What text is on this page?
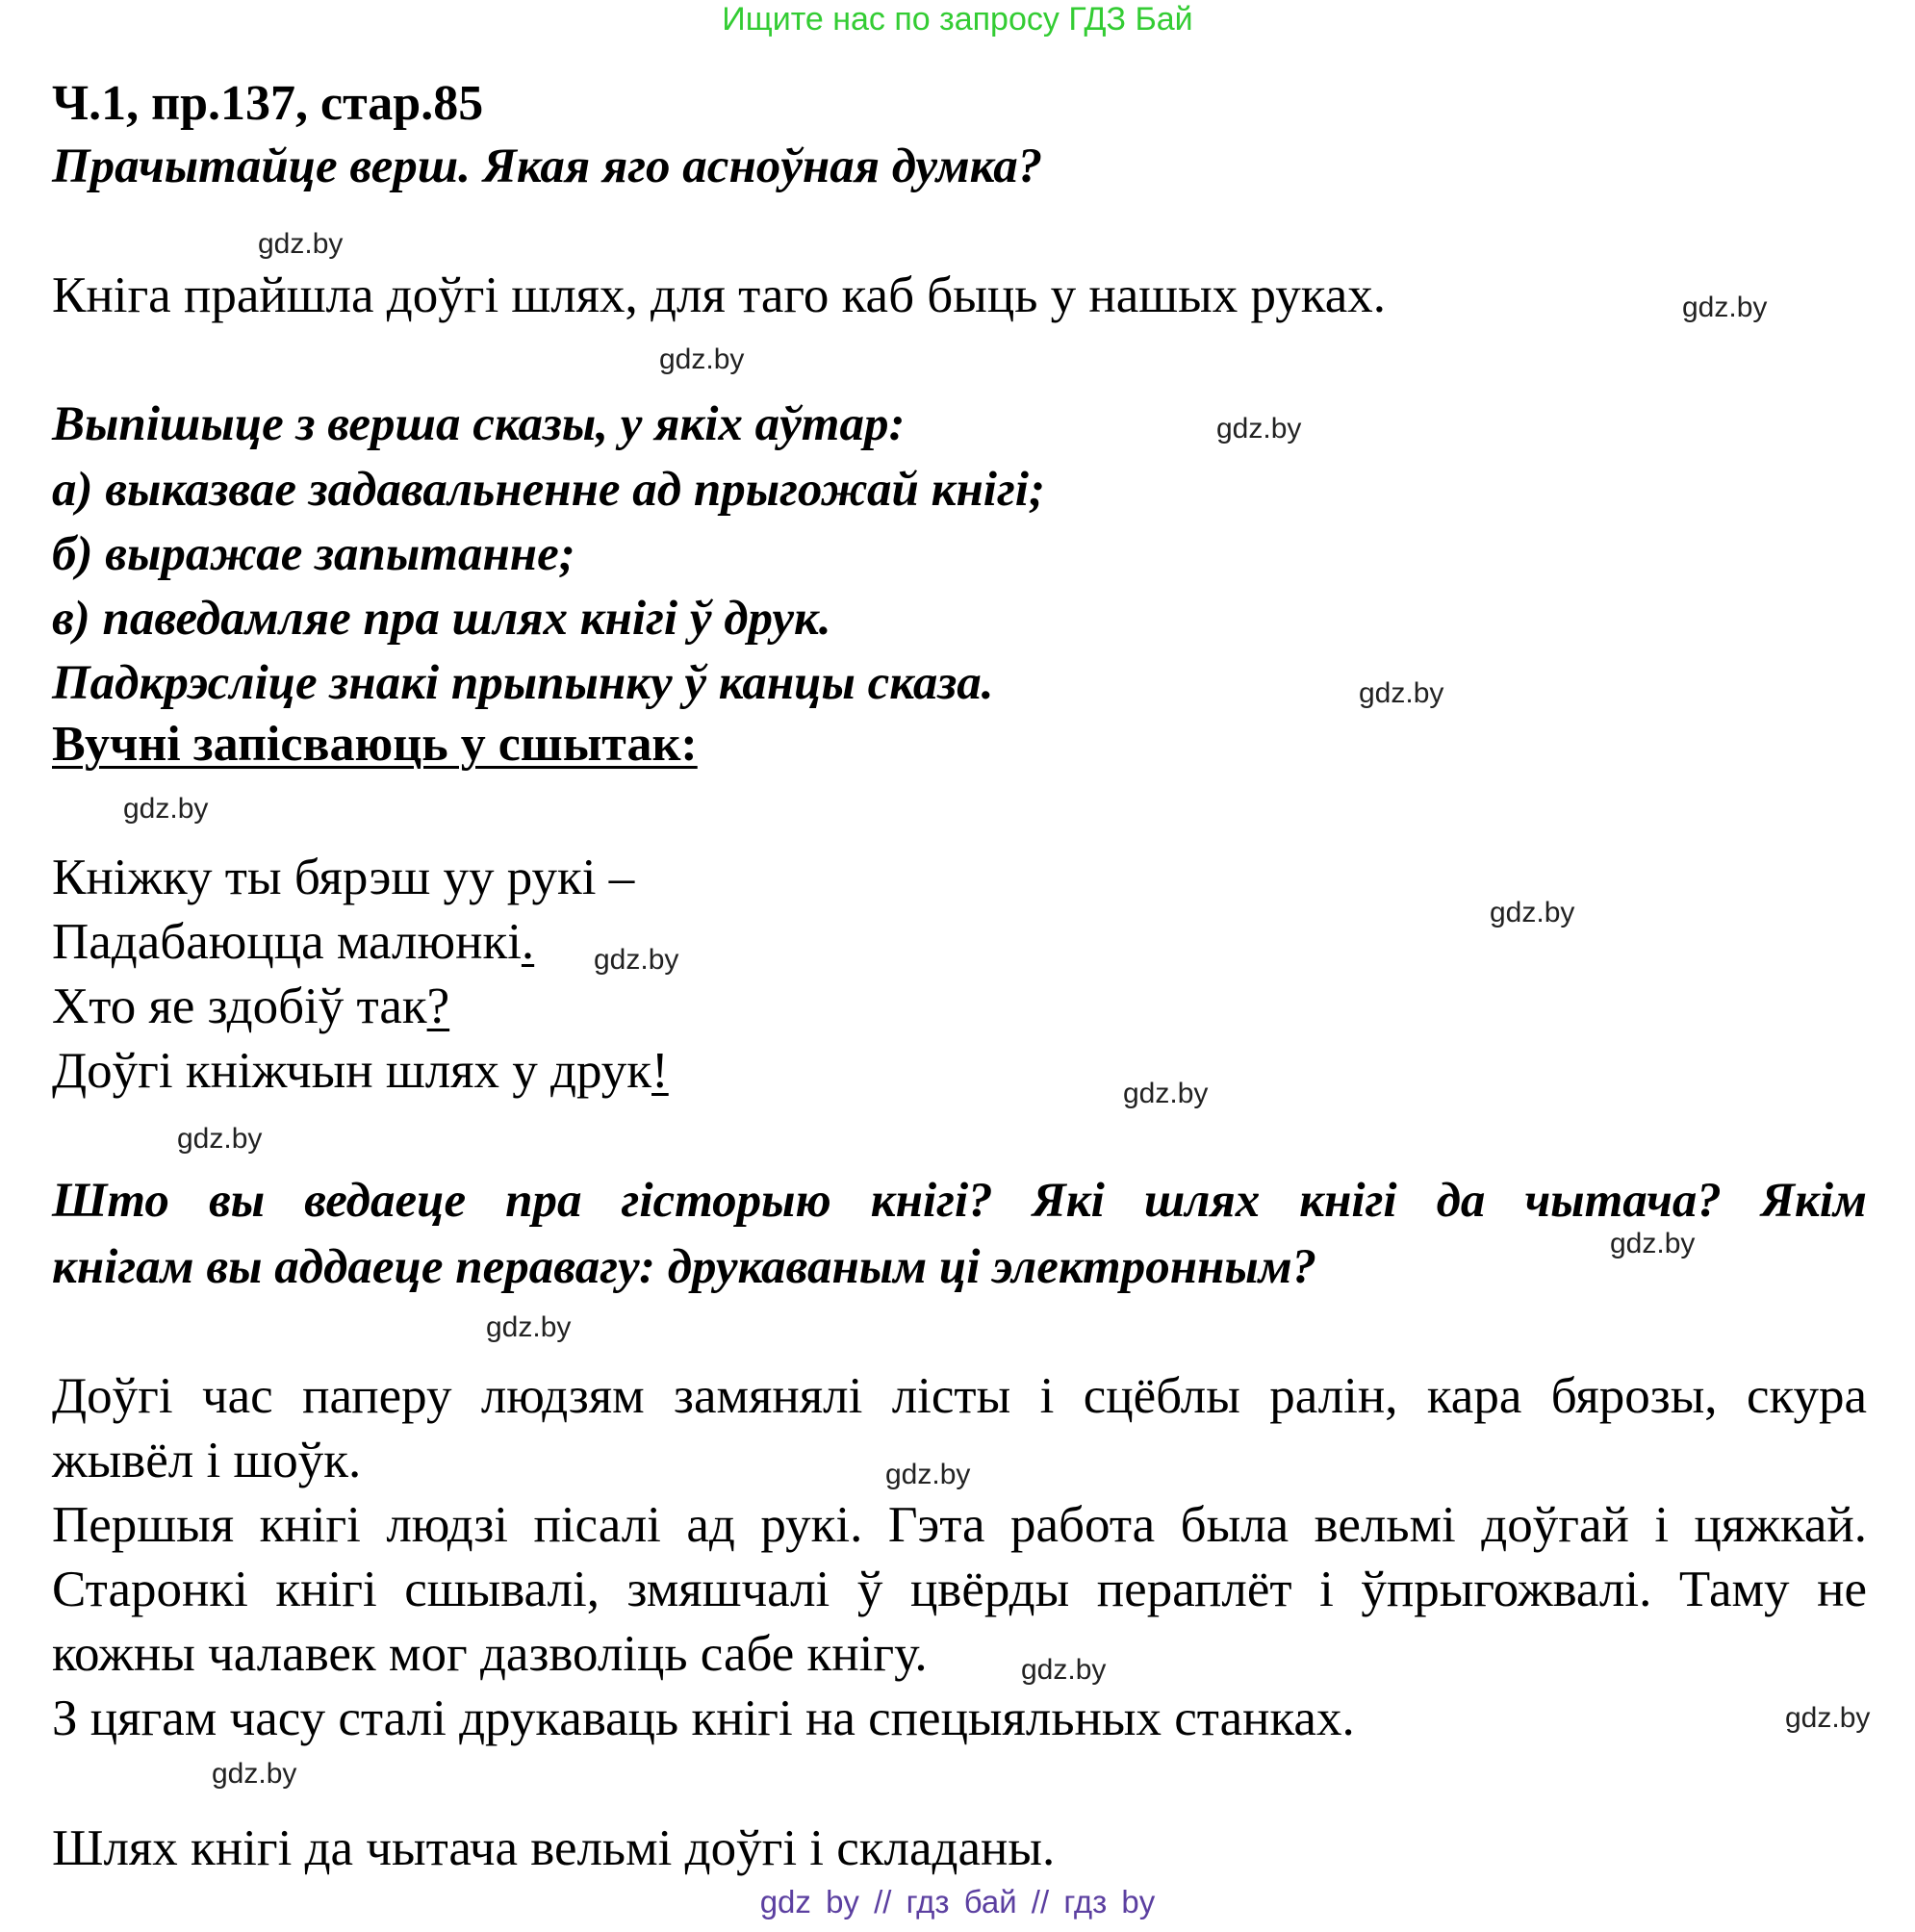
Ищите нас по запросу ГДЗ Бай
Ч.1, пр.137, стар.85
Прачытайце верш. Якая яго асноўная думка?
Кніга прайшла доўгі шлях, для таго каб быць у нашых руках.
Выпішыце з верша сказы, у якіх аўтар:
а) выказвае задавальненне ад прыгожай кнігі;
б) выражае запытанне;
в) паведамляе пра шлях кнігі ў друк.
Падкрэсліце знакі прыпынку ў канцы сказа.
Вучні запісваюць у сшытак:
Кніжку ты бярэш уу рукі –
Падабаюцца малюнкі.
Хто яе здобіў так?
Доўгі кніжчын шлях у друк!
Што вы ведаеце пра гісторыю кнігі? Які шлях кнігі да чытача? Якім
кнігам вы аддаеце перавагу: друкаваным ці электронным?
Доўгі час паперу людзям замянялі лісты і сцёблы ралін, кара бярозы, скура
жывёл і шоўк.
Першыя кнігі людзі пісалі ад рукі. Гэта работа была вельмі доўгай і цяжкай.
Старонкі кнігі сшывалі, змяшчалі ў цвёрды пераплёт і ўпрыгожвалі. Таму не
кожны чалавек мог дазволіць сабе кнігу.
З цягам часу сталі друкаваць кнігі на спецыяльных станках.
Шлях кнігі да чытача вельмі доўгі і складаны.
gdz.by
gdz.by
gdz.by
gdz.by
gdz.by
gdz.by
gdz.by
gdz.by
gdz.by
gdz.by
gdz.by
gdz.by
gdz.by
gdz.by
gdz.by
gdz.by
gdz by // гдз бай // гдз by
